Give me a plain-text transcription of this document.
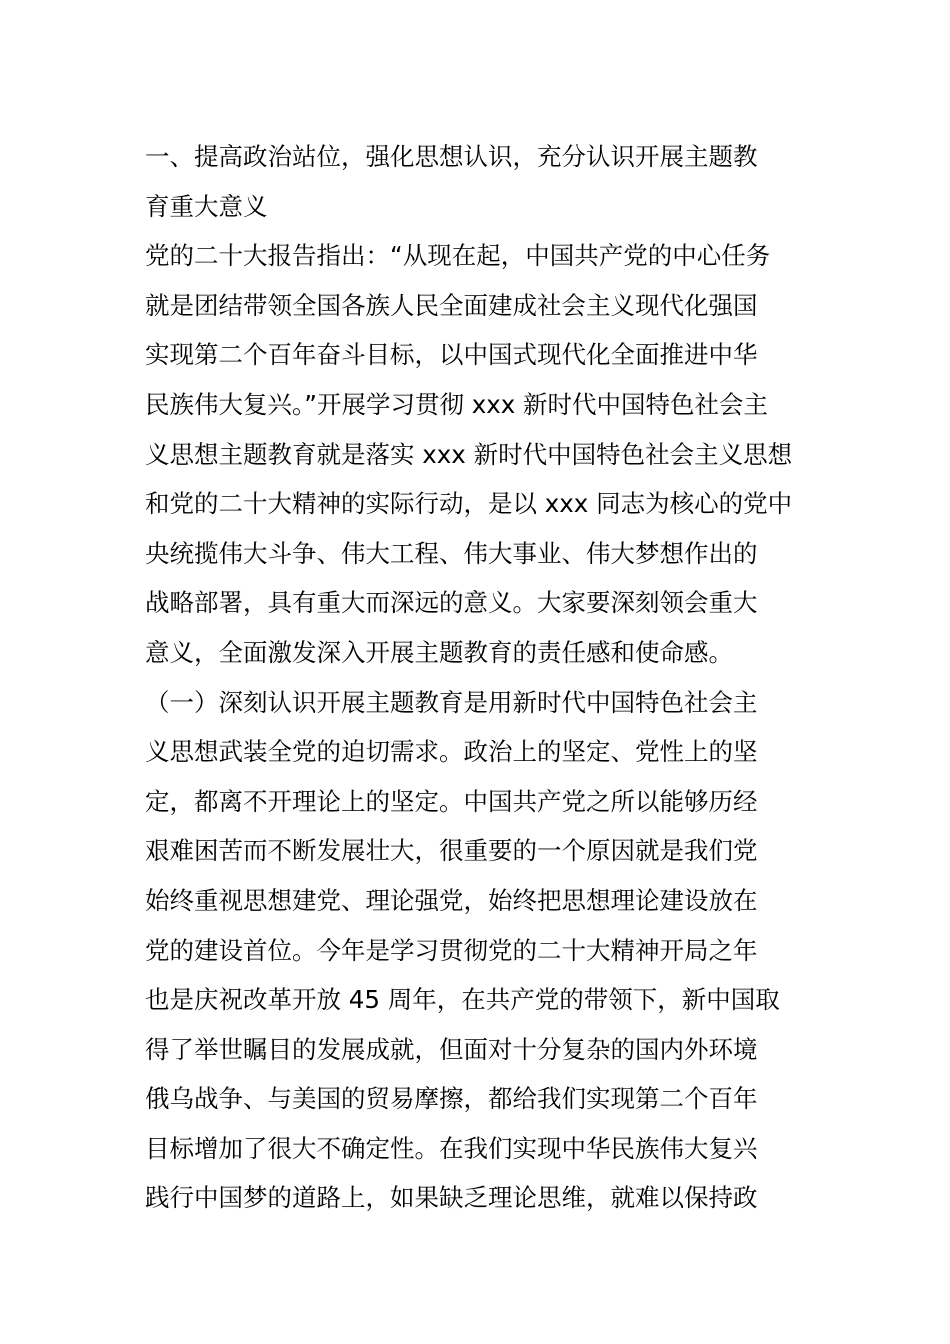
一、提高政治站位，强化思想认识，充分认识开展主题教
育重大意义
党的二十大报告指出：“从现在起，中国共产党的中心任务
就是团结带领全国各族人民全面建成社会主义现代化强国
实现第二个百年奋斗目标，以中国式现代化全面推进中华
民族伟大复兴。”开展学习贯彻 xxx 新时代中国特色社会主
义思想主题教育就是落实 xxx 新时代中国特色社会主义思想
和党的二十大精神的实际行动，是以 xxx 同志为核心的党中
央统揽伟大斗争、伟大工程、伟大事业、伟大梦想作出的
战略部署，具有重大而深远的意义。大家要深刻领会重大
意义，全面激发深入开展主题教育的责任感和使命感。
（一）深刻认识开展主题教育是用新时代中国特色社会主
义思想武装全党的迫切需求。政治上的坚定、党性上的坚
定，都离不开理论上的坚定。中国共产党之所以能够历经
艰难困苦而不断发展壮大，很重要的一个原因就是我们党
始终重视思想建党、理论强党，始终把思想理论建设放在
党的建设首位。今年是学习贯彻党的二十大精神开局之年
也是庆祝改革开放 45 周年，在共产党的带领下，新中国取
得了举世瞩目的发展成就，但面对十分复杂的国内外环境
俄乌战争、与美国的贸易摩擦，都给我们实现第二个百年
目标增加了很大不确定性。在我们实现中华民族伟大复兴
践行中国梦的道路上，如果缺乏理论思维，就难以保持政
